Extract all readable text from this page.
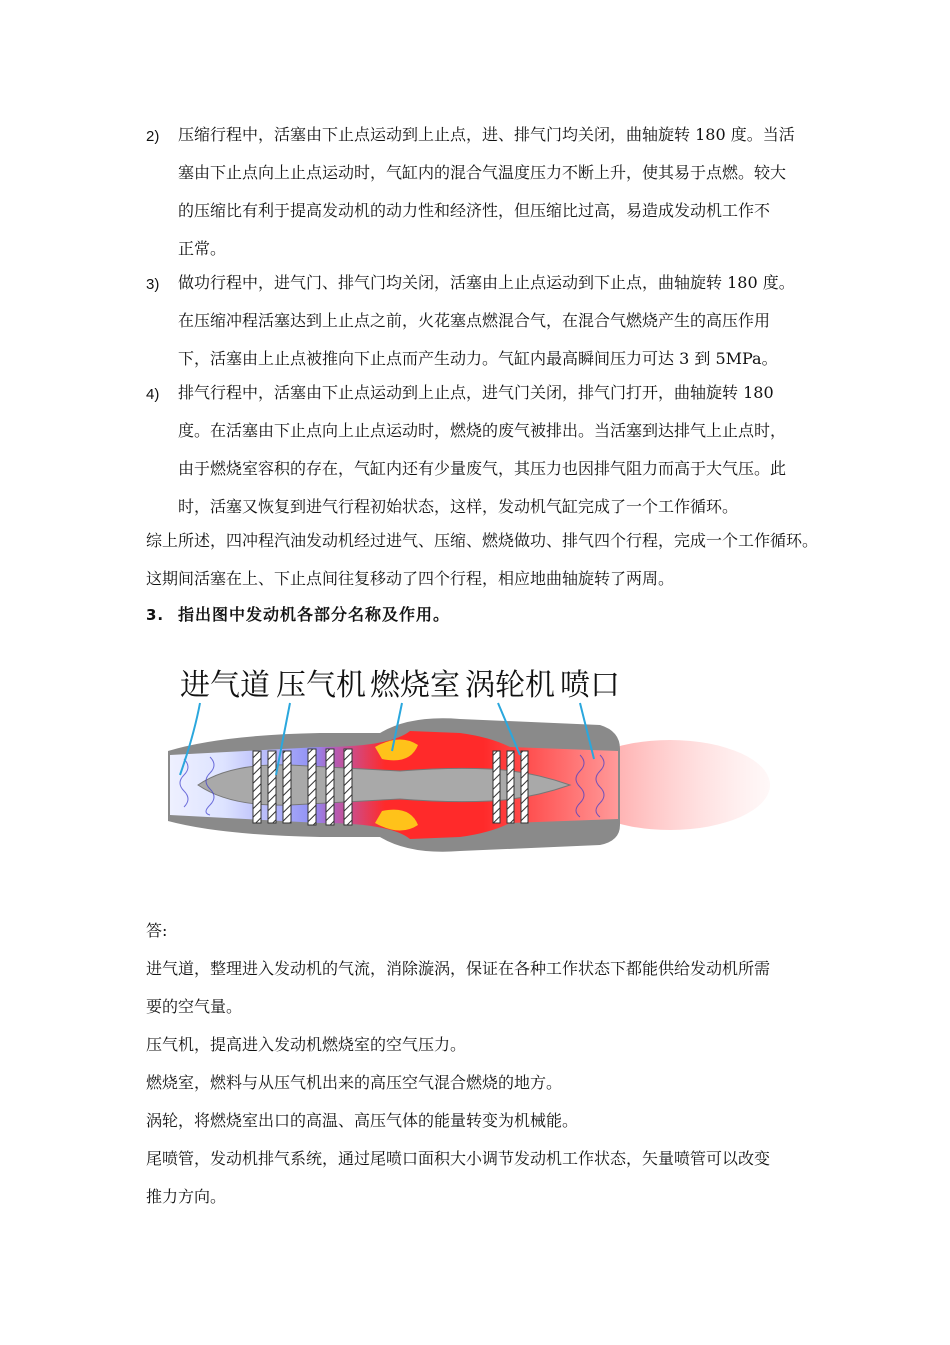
2) 压缩行程中，活塞由下止点运动到上止点，进、排气门均关闭，曲轴旋转 180 度。当活
塞由下止点向上止点运动时，气缸内的混合气温度压力不断上升，使其易于点燃。较大
的压缩比有利于提高发动机的动力性和经济性，但压缩比过高，易造成发动机工作不
正常。
3) 做功行程中，进气门、排气门均关闭，活塞由上止点运动到下止点，曲轴旋转 180 度。
在压缩冲程活塞达到上止点之前，火花塞点燃混合气，在混合气燃烧产生的高压作用
下，活塞由上止点被推向下止点而产生动力。气缸内最高瞬间压力可达 3 到 5MPa。
4) 排气行程中，活塞由下止点运动到上止点，进气门关闭，排气门打开，曲轴旋转 180
度。在活塞由下止点向上止点运动时，燃烧的废气被排出。当活塞到达排气上止点时，
由于燃烧室容积的存在，气缸内还有少量废气，其压力也因排气阻力而高于大气压。此
时，活塞又恢复到进气行程初始状态，这样，发动机气缸完成了一个工作循环。
综上所述，四冲程汽油发动机经过进气、压缩、燃烧做功、排气四个行程，完成一个工作循环。
这期间活塞在上、下止点间往复移动了四个行程，相应地曲轴旋转了两周。
3. 指出图中发动机各部分名称及作用。
进气道 压气机 燃烧室 涡轮机 喷口
答:
进气道，整理进入发动机的气流，消除漩涡，保证在各种工作状态下都能供给发动机所需
要的空气量。
压气机，提高进入发动机燃烧室的空气压力。
燃烧室，燃料与从压气机出来的高压空气混合燃烧的地方。
涡轮，将燃烧室出口的高温、高压气体的能量转变为机械能。
尾喷管，发动机排气系统，通过尾喷口面积大小调节发动机工作状态，矢量喷管可以改变
推力方向。
